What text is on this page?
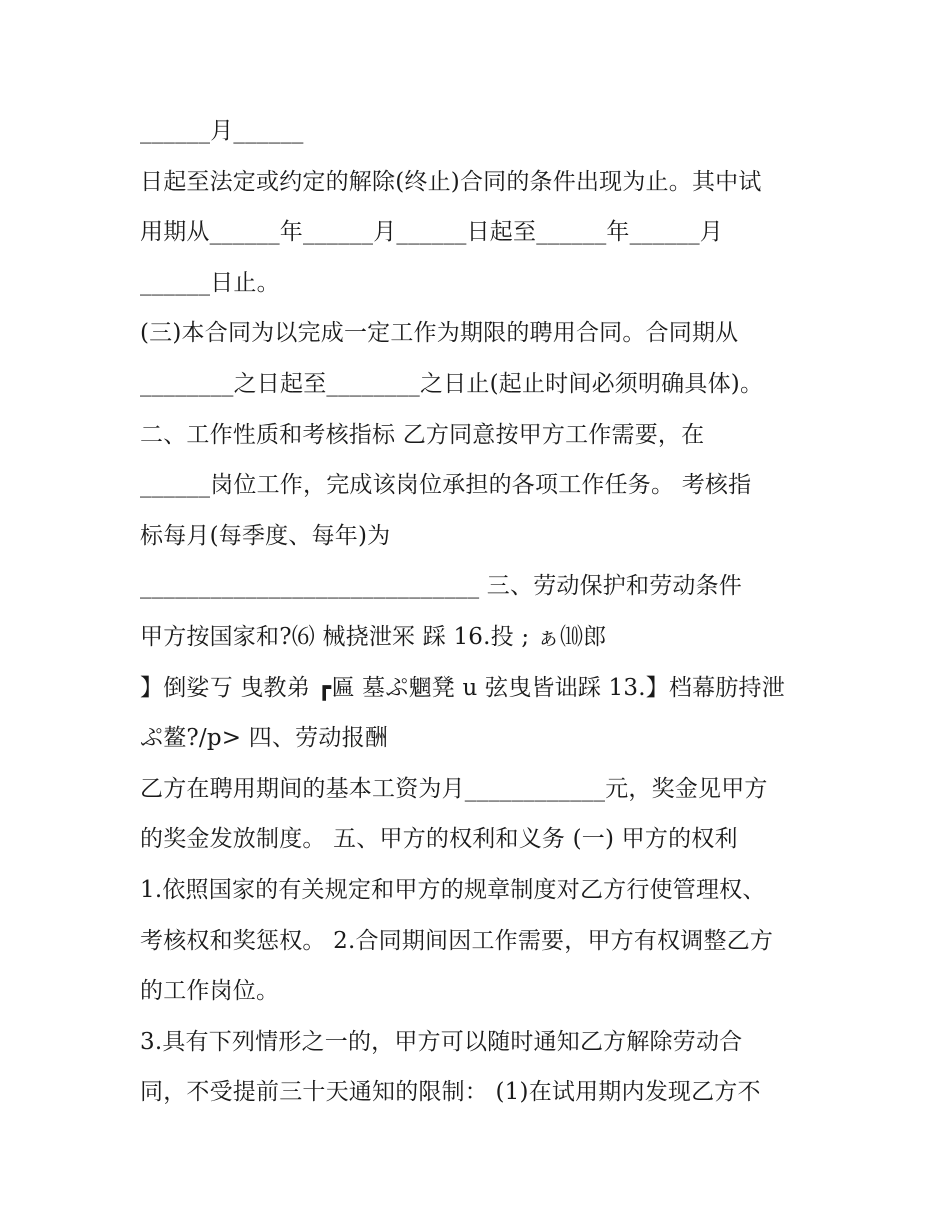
______月______
日起至法定或约定的解除(终止)合同的条件出现为止。其中试
用期从______年______月______日起至______年______月
______日止。
(三)本合同为以完成一定工作为期限的聘用合同。合同期从
________之日起至________之日止(起止时间必须明确具体)。
二、工作性质和考核指标 乙方同意按甲方工作需要，在
______岗位工作，完成该岗位承担的各项工作任务。 考核指
标每月(每季度、每年)为
_____________________________ 三、劳动保护和劳动条件
甲方按国家和?⑹ 械挠泄冞 踩 16.投 ; ぁ⑽郎
】倒娑丂 曳教弟 ┏匾 墓ぷ魍凳 u 弦曳皆诎踩 13.】档幕肪持泄
ぷ鳌?/p> 四、劳动报酬
乙方在聘用期间的基本工资为月____________元，奖金见甲方
的奖金发放制度。 五、甲方的权利和义务 (一) 甲方的权利
1.依照国家的有关规定和甲方的规章制度对乙方行使管理权、
考核权和奖惩权。 2.合同期间因工作需要，甲方有权调整乙方
的工作岗位。
3.具有下列情形之一的，甲方可以随时通知乙方解除劳动合
同，不受提前三十天通知的限制： (1)在试用期内发现乙方不
